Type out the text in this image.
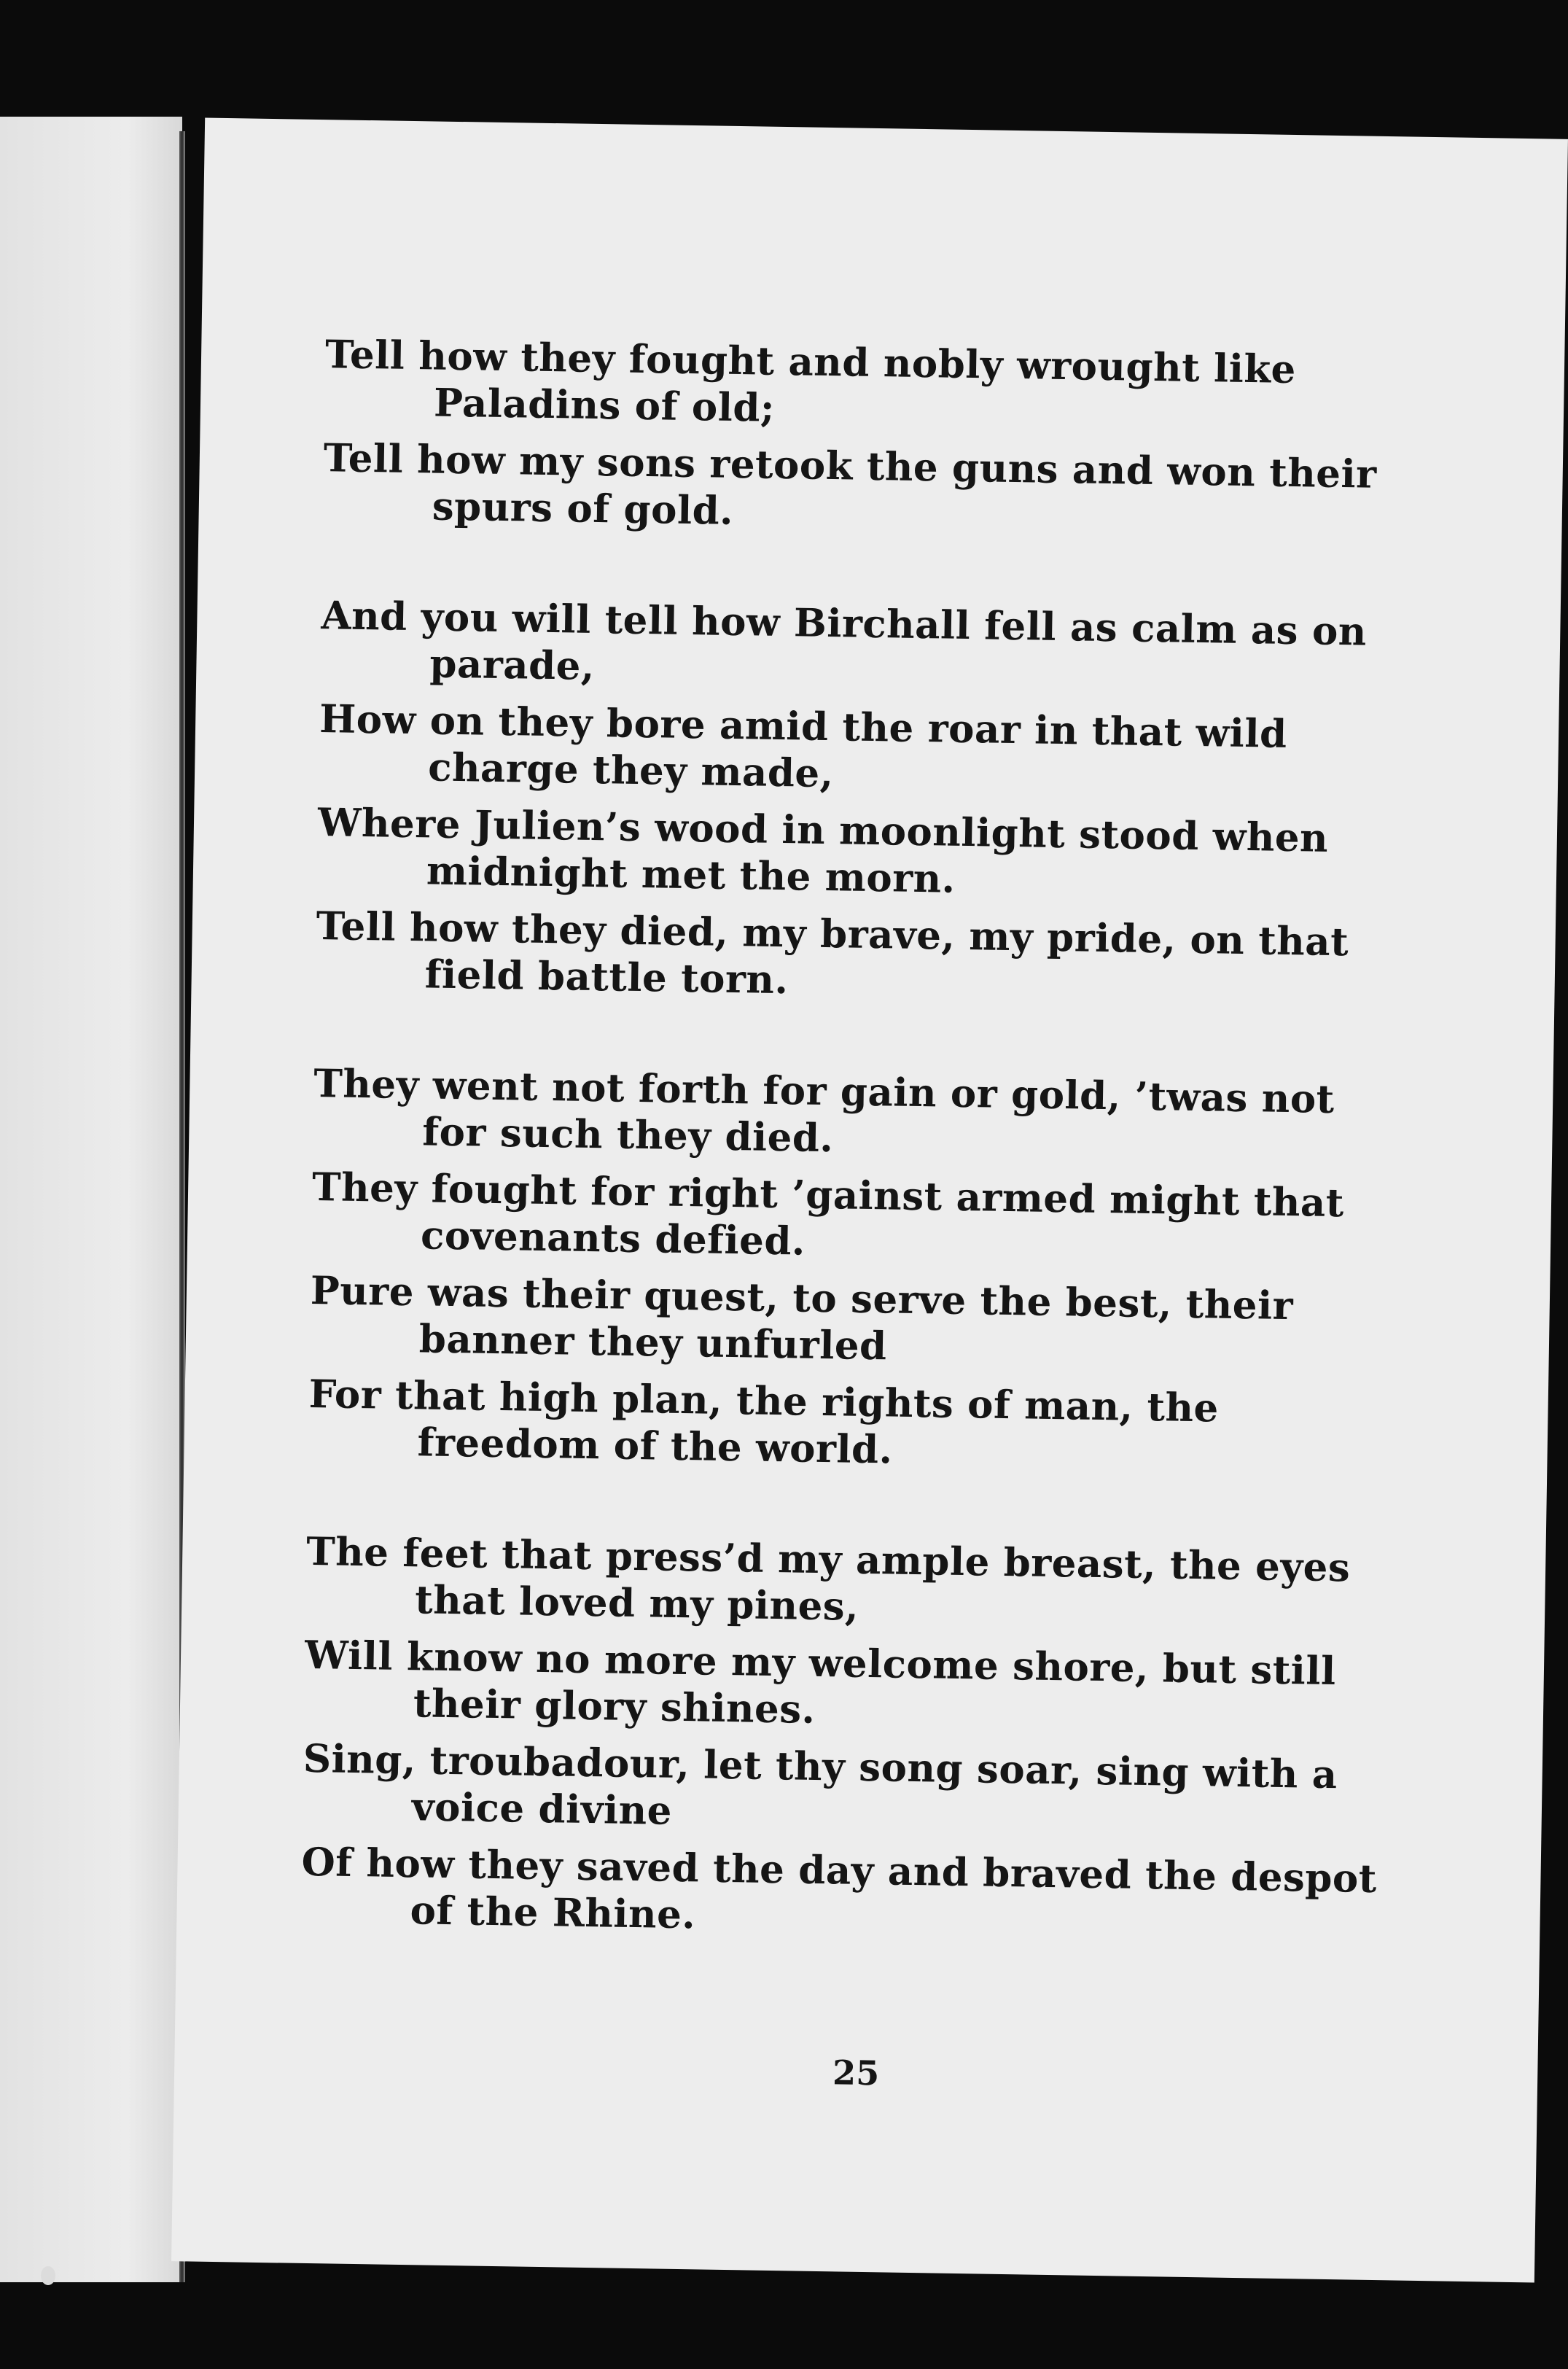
Tell how they fought and nobly wrought like Paladins of old;

Tell how my sons retook the guns and won their spurs of gold.

And you will tell how Birchall fell as calm as on parade,

How on they bore amid the roar in that wild charge they made,

Where Julien’s wood in moonlight stood when midnight met the morn.

Tell how they died, my brave, my pride, on that field battle torn.

They went not forth for gain or gold, ’twas not for such they died.

They fought for right ’gainst armed might that covenants defied.

Pure was their quest, to serve the best, their banner they unfurled

For that high plan, the rights of man, the freedom of the world.

The feet that press’d my ample breast, the eyes that loved my pines,

Will know no more my welcome shore, but still their glory shines.

Sing, troubadour, let thy song soar, sing with a voice divine

Of how they saved the day and braved the despot of the Rhine.

25
